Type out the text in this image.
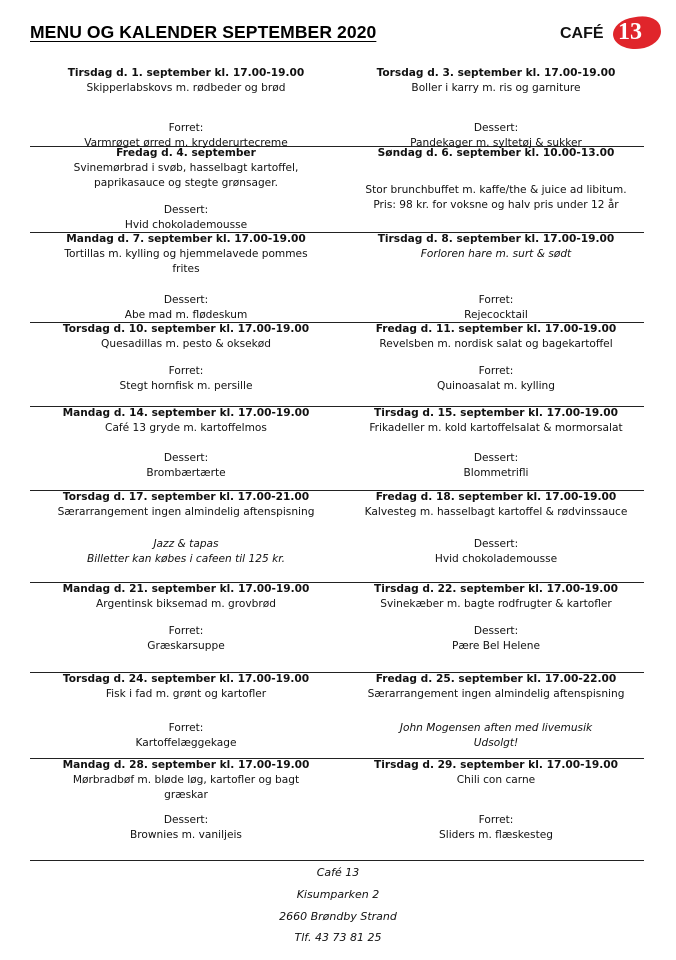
MENU OG KALENDER SEPTEMBER 2020	CAFÉ 13
Tirsdag d. 1. september kl. 17.00-19.00
Skipperlabskovs m. rødbeder og brød
Forret:
Varmrøget ørred m. krydderurtecreme
Torsdag d. 3. september kl. 17.00-19.00
Boller i karry m. ris og garniture
Dessert:
Pandekager m. syltetøj & sukker
Fredag d. 4. september
Svinemørbrad i svøb, hasselbagt kartoffel,
paprikasauce og stegte grønsager.
Dessert:
Hvid chokolademousse
Søndag d. 6. september kl. 10.00-13.00
Stor brunchbuffet m. kaffe/the & juice ad libitum.
Pris: 98 kr. for voksne og halv pris under 12 år
Mandag d. 7. september kl. 17.00-19.00
Tortillas m. kylling og hjemmelavede pommes
frites
Dessert:
Abe mad m. flødeskum
Tirsdag d. 8. september kl. 17.00-19.00
Forloren hare m. surt & sødt
Forret:
Rejecocktail
Torsdag d. 10. september kl. 17.00-19.00
Quesadillas m. pesto & oksekød
Forret:
Stegt hornfisk m. persille
Fredag d. 11. september kl. 17.00-19.00
Revelsben m. nordisk salat og bagekartoffel
Forret:
Quinoasalat m. kylling
Mandag d. 14. september kl. 17.00-19.00
Café 13 gryde m. kartoffelmos
Dessert:
Brombærtærte
Tirsdag d. 15. september kl. 17.00-19.00
Frikadeller m. kold kartoffelsalat & mormorsalat
Dessert:
Blommetrifli
Torsdag d. 17. september kl. 17.00-21.00
Særarrangement ingen almindelig aftenspisning
Jazz & tapas
Billetter kan købes i cafeen til 125 kr.
Fredag d. 18. september kl. 17.00-19.00
Kalvesteg m. hasselbagt kartoffel & rødvinssauce
Dessert:
Hvid chokolademousse
Mandag d. 21. september kl. 17.00-19.00
Argentinsk biksemad m. grovbrød
Forret:
Græskarsuppe
Tirsdag d. 22. september kl. 17.00-19.00
Svinekæber m. bagte rodfrugter & kartofler
Dessert:
Pære Bel Helene
Torsdag d. 24. september kl. 17.00-19.00
Fisk i fad m. grønt og kartofler
Forret:
Kartoffelæggekage
Fredag d. 25. september kl. 17.00-22.00
Særarrangement ingen almindelig aftenspisning
John Mogensen aften med livemusik
Udsolgt!
Mandag d. 28. september kl. 17.00-19.00
Mørbradbøf m. bløde løg, kartofler og bagt
græskar
Dessert:
Brownies m. vaniljeis
Tirsdag d. 29. september kl. 17.00-19.00
Chili con carne
Forret:
Sliders m. flæskesteg
Café 13
Kisumparken 2
2660 Brøndby Strand
Tlf. 43 73 81 25
